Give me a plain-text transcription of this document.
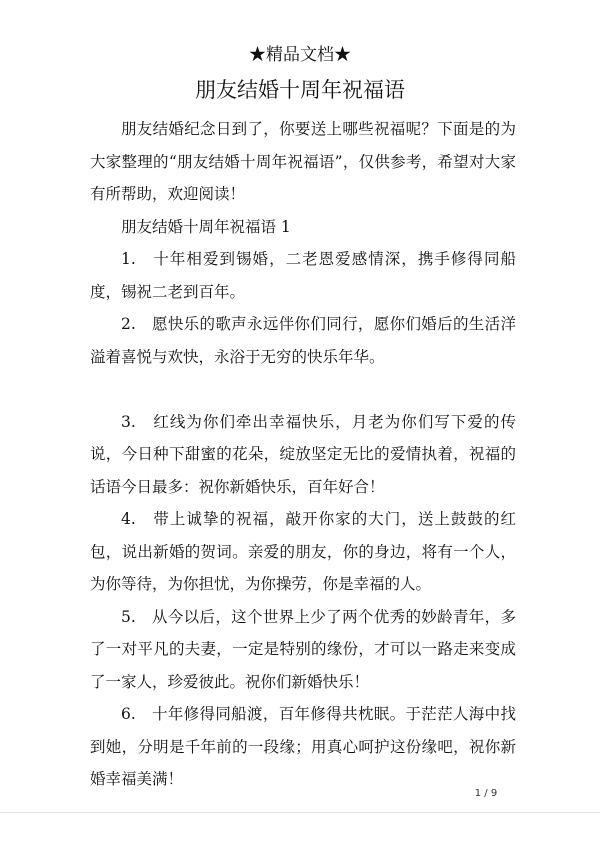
★精品文档★
朋友结婚十周年祝福语

朋友结婚纪念日到了，你要送上哪些祝福呢？下面是的为大家整理的“朋友结婚十周年祝福语”，仅供参考，希望对大家有所帮助，欢迎阅读！

朋友结婚十周年祝福语 1

1.　十年相爱到锡婚，二老恩爱感情深，携手修得同船度，锡祝二老到百年。

2.　愿快乐的歌声永远伴你们同行，愿你们婚后的生活洋溢着喜悦与欢快，永浴于无穷的快乐年华。

3.　红线为你们牵出幸福快乐，月老为你们写下爱的传说，今日种下甜蜜的花朵，绽放坚定无比的爱情执着，祝福的话语今日最多：祝你新婚快乐，百年好合！

4.　带上诚挚的祝福，敲开你家的大门，送上鼓鼓的红包，说出新婚的贺词。亲爱的朋友，你的身边，将有一个人，为你等待，为你担忧，为你操劳，你是幸福的人。

5.　从今以后，这个世界上少了两个优秀的妙龄青年，多了一对平凡的夫妻，一定是特别的缘份，才可以一路走来变成了一家人，珍爱彼此。祝你们新婚快乐！

6.　十年修得同船渡，百年修得共枕眠。于茫茫人海中找到她，分明是千年前的一段缘；用真心呵护这份缘吧，祝你新婚幸福美满！

1 / 9
